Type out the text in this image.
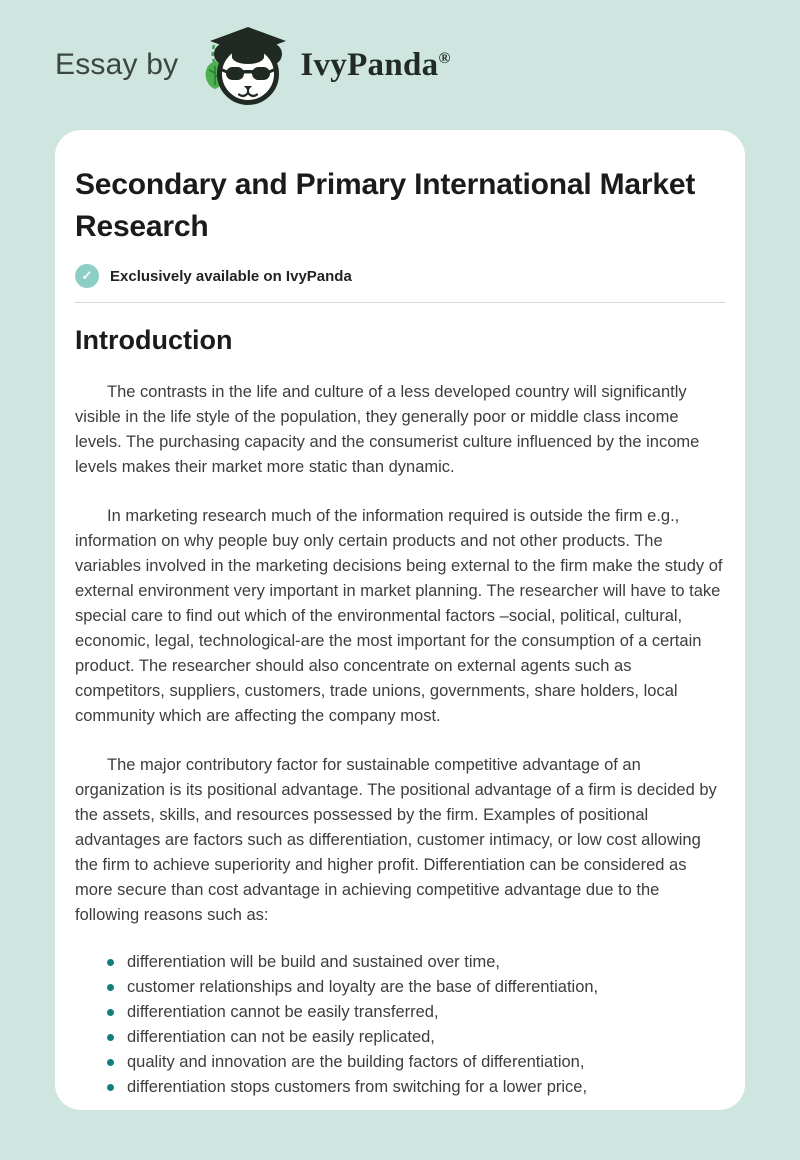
Essay by	IvyPanda®
Secondary and Primary International Market Research
✓	Exclusively available on IvyPanda
Introduction

The contrasts in the life and culture of a less developed country will significantly visible in the life style of the population, they generally poor or middle class income levels. The purchasing capacity and the consumerist culture influenced by the income levels makes their market more static than dynamic.

In marketing research much of the information required is outside the firm e.g., information on why people buy only certain products and not other products. The variables involved in the marketing decisions being external to the firm make the study of external environment very important in market planning. The researcher will have to take special care to find out which of the environmental factors –social, political, cultural, economic, legal, technological-are the most important for the consumption of a certain product. The researcher should also concentrate on external agents such as competitors, suppliers, customers, trade unions, governments, share holders, local community which are affecting the company most.

The major contributory factor for sustainable competitive advantage of an organization is its positional advantage. The positional advantage of a firm is decided by the assets, skills, and resources possessed by the firm. Examples of positional advantages are factors such as differentiation, customer intimacy, or low cost allowing the firm to achieve superiority and higher profit. Differentiation can be considered as more secure than cost advantage in achieving competitive advantage due to the following reasons such as:

differentiation will be build and sustained over time,
customer relationships and loyalty are the base of differentiation,
differentiation cannot be easily transferred,
differentiation can not be easily replicated,
quality and innovation are the building factors of differentiation,
differentiation stops customers from switching for a lower price,
